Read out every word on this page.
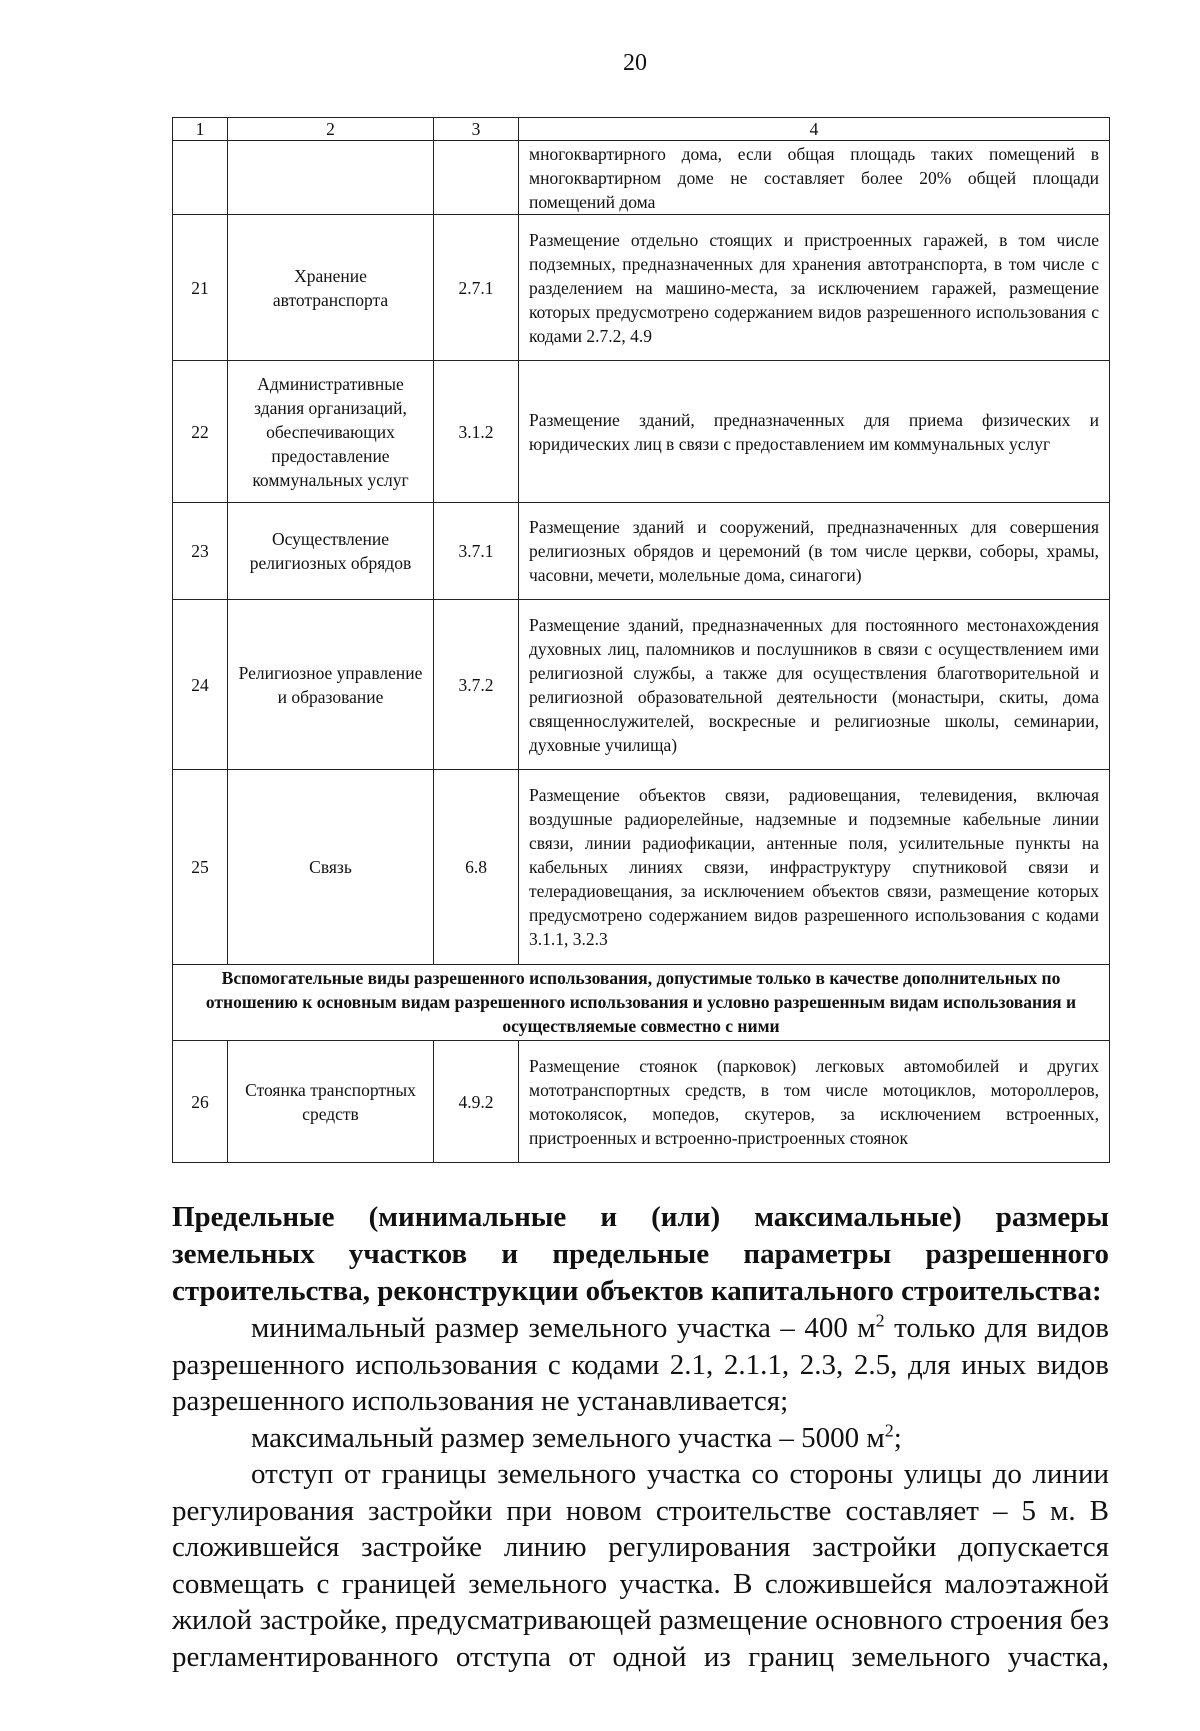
20
1	2	3	4
			многоквартирного дома, если общая площадь таких помещений в многоквартирном доме не составляет более 20% общей площади помещений дома
21	Хранение автотранспорта	2.7.1	Размещение отдельно стоящих и пристроенных гаражей, в том числе подземных, предназначенных для хранения автотранспорта, в том числе с разделением на машино-места, за исключением гаражей, размещение которых предусмотрено содержанием видов разрешенного использования с кодами 2.7.2, 4.9
22	Административные здания организаций, обеспечивающих предоставление коммунальных услуг	3.1.2	Размещение зданий, предназначенных для приема физических и юридических лиц в связи с предоставлением им коммунальных услуг
23	Осуществление религиозных обрядов	3.7.1	Размещение зданий и сооружений, предназначенных для совершения религиозных обрядов и церемоний (в том числе церкви, соборы, храмы, часовни, мечети, молельные дома, синагоги)
24	Религиозное управление и образование	3.7.2	Размещение зданий, предназначенных для постоянного местонахождения духовных лиц, паломников и послушников в связи с осуществлением ими религиозной службы, а также для осуществления благотворительной и религиозной образовательной деятельности (монастыри, скиты, дома священнослужителей, воскресные и религиозные школы, семинарии, духовные училища)
25	Связь	6.8	Размещение объектов связи, радиовещания, телевидения, включая воздушные радиорелейные, надземные и подземные кабельные линии связи, линии радиофикации, антенные поля, усилительные пункты на кабельных линиях связи, инфраструктуру спутниковой связи и телерадиовещания, за исключением объектов связи, размещение которых предусмотрено содержанием видов разрешенного использования с кодами 3.1.1, 3.2.3
Вспомогательные виды разрешенного использования, допустимые только в качестве дополнительных по отношению к основным видам разрешенного использования и условно разрешенным видам использования и осуществляемые совместно с ними			
26	Стоянка транспортных средств	4.9.2	Размещение стоянок (парковок) легковых автомобилей и других мототранспортных средств, в том числе мотоциклов, мотороллеров, мотоколясок, мопедов, скутеров, за исключением встроенных, пристроенных и встроенно-пристроенных стоянок
Предельные (минимальные и (или) максимальные) размеры земельных участков и предельные параметры разрешенного строительства, реконструкции объектов капитального строительства:
минимальный размер земельного участка – 400 $м^2$ только для видов разрешенного использования с кодами 2.1, 2.1.1, 2.3, 2.5, для иных видов разрешенного использования не устанавливается;
максимальный размер земельного участка – 5000 $м^2$;
отступ от границы земельного участка со стороны улицы до линии регулирования застройки при новом строительстве составляет – 5 м. В сложившейся застройке линию регулирования застройки допускается совмещать с границей земельного участка. В сложившейся малоэтажной жилой застройке, предусматривающей размещение основного строения без регламентированного отступа от одной из границ земельного участка,
